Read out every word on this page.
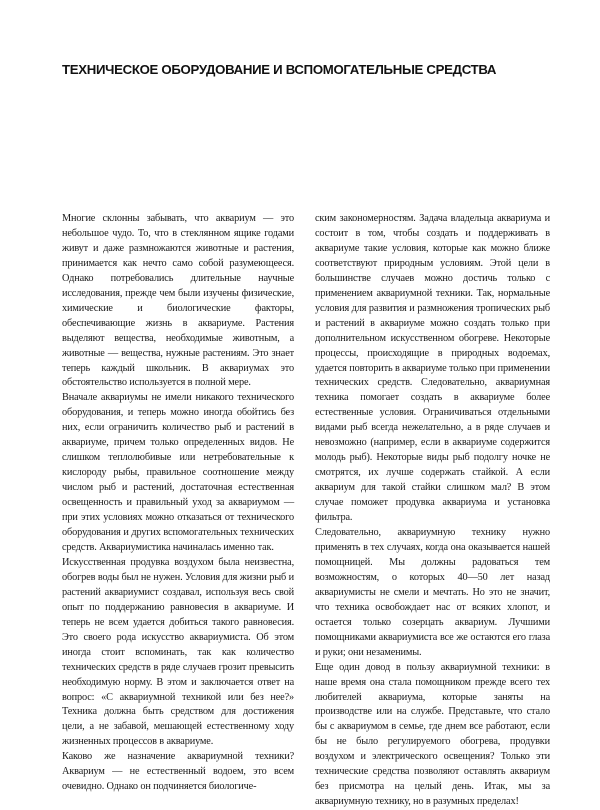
ТЕХНИЧЕСКОЕ ОБОРУДОВАНИЕ И ВСПОМОГАТЕЛЬНЫЕ СРЕДСТВА

Многие склонны забывать, что аквариум — это небольшое чудо. То, что в стеклянном ящике годами живут и даже размножаются животные и растения, принимается как нечто само собой разумеющееся. Однако потребовались длительные научные исследования, прежде чем были изучены физические, химические и биологические факторы, обеспечивающие жизнь в аквариуме. Растения выделяют вещества, необходимые животным, а животные — вещества, нужные растениям. Это знает теперь каждый школьник. В аквариумах это обстоятельство используется в полной мере.

Вначале аквариумы не имели никакого технического оборудования, и теперь можно иногда обойтись без них, если ограничить количество рыб и растений в аквариуме, причем только определенных видов. Не слишком теплолюбивые или нетребовательные к кислороду рыбы, правильное соотношение между числом рыб и растений, достаточная естественная освещенность и правильный уход за аквариумом — при этих условиях можно отказаться от технического оборудования и других вспомогательных технических средств. Аквариумистика начиналась именно так.

Искусственная продувка воздухом была неизвестна, обогрев воды был не нужен. Условия для жизни рыб и растений аквариумист создавал, используя весь свой опыт по поддержанию равновесия в аквариуме. И теперь не всем удается добиться такого равновесия. Это своего рода искусство аквариумиста. Об этом иногда стоит вспоминать, так как количество технических средств в ряде случаев грозит превысить необходимую норму. В этом и заключается ответ на вопрос: «С аквариумной техникой или без нее?» Техника должна быть средством для достижения цели, а не забавой, мешающей естественному ходу жизненных процессов в аквариуме.

Каково же назначение аквариумной техники? Аквариум — не естественный водоем, это всем очевидно. Однако он подчиняется биологиче-

ским закономерностям. Задача владельца аквариума и состоит в том, чтобы создать и поддерживать в аквариуме такие условия, которые как можно ближе соответствуют природным условиям. Этой цели в большинстве случаев можно достичь только с применением аквариумной техники. Так, нормальные условия для развития и размножения тропических рыб и растений в аквариуме можно создать только при дополнительном искусственном обогреве. Некоторые процессы, происходящие в природных водоемах, удается повторить в аквариуме только при применении технических средств. Следовательно, аквариумная техника помогает создать в аквариуме более естественные условия. Ограничиваться отдельными видами рыб всегда нежелательно, а в ряде случаев и невозможно (например, если в аквариуме содержится молодь рыб). Некоторые виды рыб подолгу ночке не смотрятся, их лучше содержать стайкой. А если аквариум для такой стайки слишком мал? В этом случае поможет продувка аквариума и установка фильтра.

Следовательно, аквариумную технику нужно применять в тех случаях, когда она оказывается нашей помощницей. Мы должны радоваться тем возможностям, о которых 40—50 лет назад аквариумисты не смели и мечтать. Но это не значит, что техника освобождает нас от всяких хлопот, и остается только созерцать аквариум. Лучшими помощниками аквариумиста все же остаются его глаза и руки; они незаменимы.

Еще один довод в пользу аквариумной техники: в наше время она стала помощником прежде всего тех любителей аквариума, которые заняты на производстве или на службе. Представьте, что стало бы с аквариумом в семье, где днем все работают, если бы не было регулируемого обогрева, продувки воздухом и электрического освещения? Только эти технические средства позволяют оставлять аквариум без присмотра на целый день. Итак, мы за аквариумную технику, но в разумных пределах!
